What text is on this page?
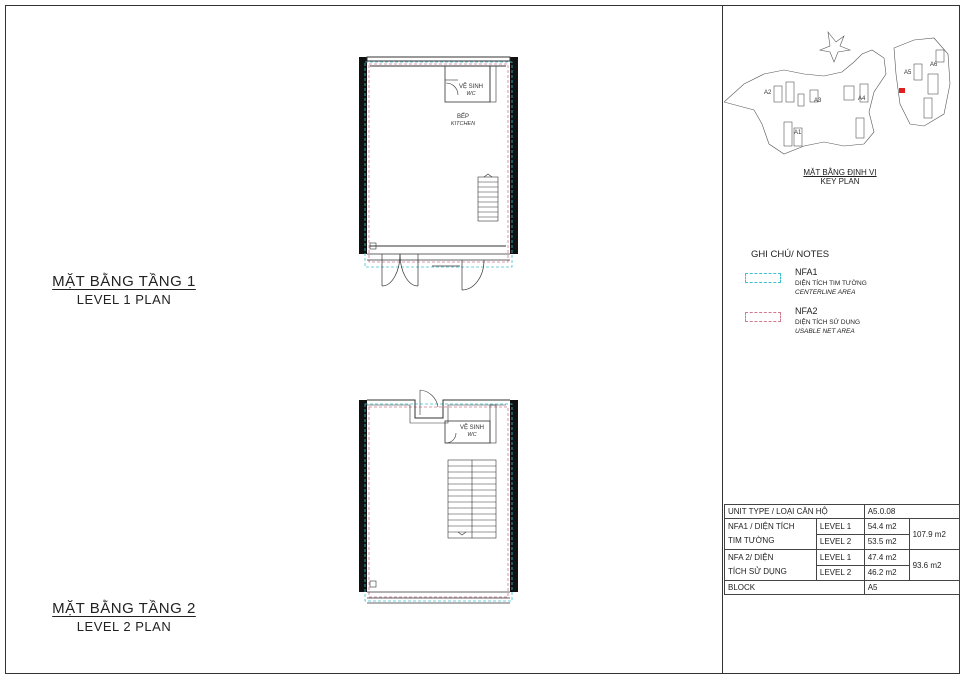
MẶT BẰNG TẦNG 1
LEVEL 1 PLAN
MẶT BẰNG TẦNG 2
LEVEL 2 PLAN
VỆ SINH
WC
BẾP
KITCHEN
VỆ SINH
WC
A2
A3	A4
A1
A5
A6
MẶT BẰNG ĐỊNH VỊ
KEY PLAN
GHI CHÚ/ NOTES
NFA1
DIỆN TÍCH TIM TƯỜNG
CENTERLINE AREA
NFA2
DIỆN TÍCH SỬ DỤNG
USABLE NET AREA
UNIT TYPE / LOẠI CĂN HỘ		A5.0.08	
NFA1 / DIỆN TÍCH
TIM TƯỜNG	LEVEL 1	54.4 m2	107.9 m2
	LEVEL 2	53.5 m2	
NFA 2/ DIỆN
TÍCH SỬ DỤNG	LEVEL 1	47.4 m2	93.6 m2
	LEVEL 2	46.2 m2	
BLOCK		A5	
